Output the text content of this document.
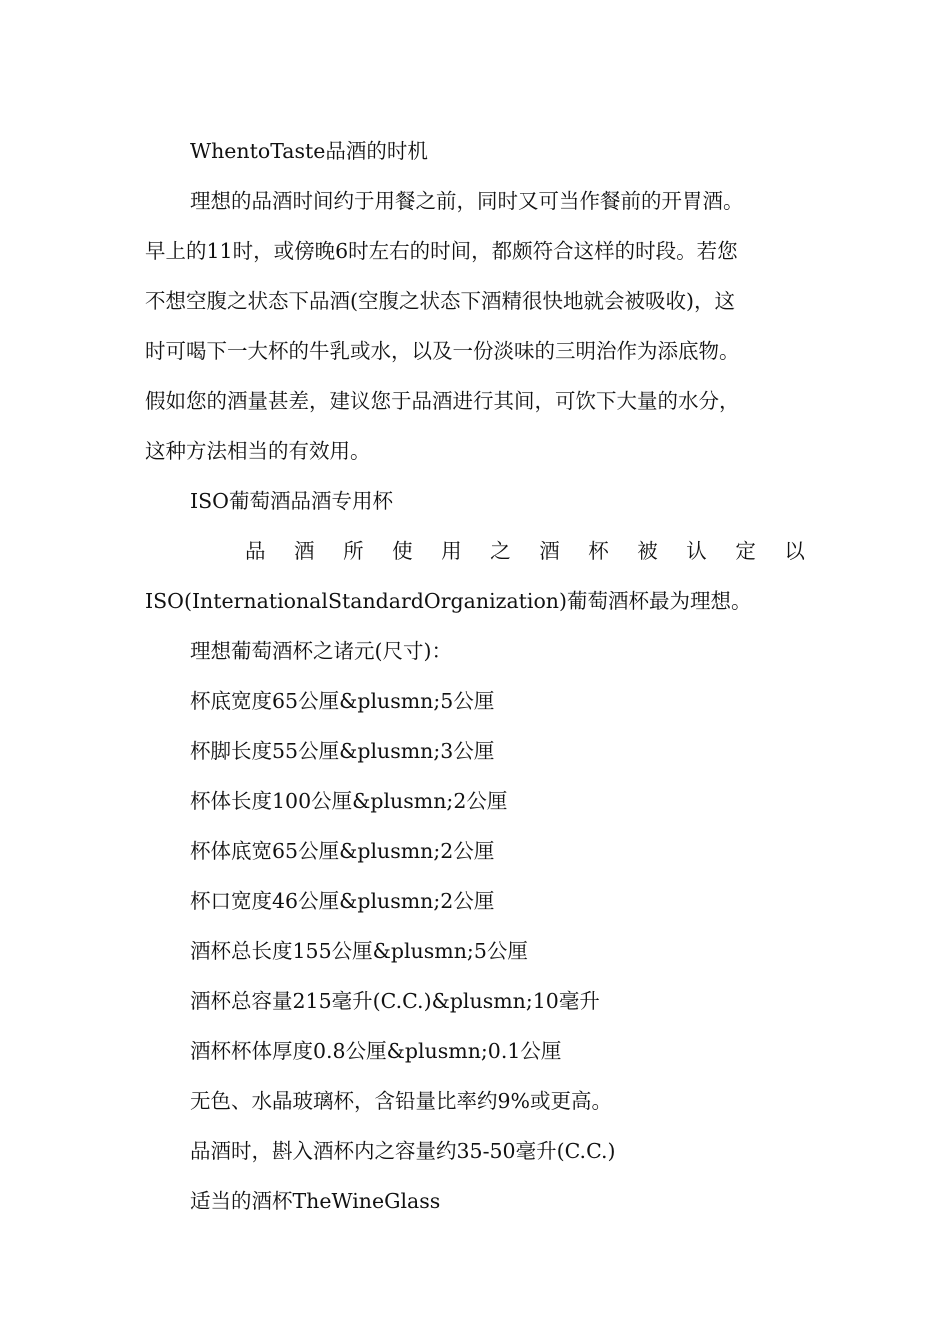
WhentoTaste品酒的时机
理想的品酒时间约于用餐之前，同时又可当作餐前的开胃酒。
早上的11时，或傍晚6时左右的时间，都颇符合这样的时段。若您
不想空腹之状态下品酒(空腹之状态下酒精很快地就会被吸收)，这
时可喝下一大杯的牛乳或水，以及一份淡味的三明治作为添底物。
假如您的酒量甚差，建议您于品酒进行其间，可饮下大量的水分，
这种方法相当的有效用。
ISO葡萄酒品酒专用杯
品 酒 所 使 用 之 酒 杯 被 认 定 以
ISO(InternationalStandardOrganization)葡萄酒杯最为理想。
理想葡萄酒杯之诸元(尺寸)：
杯底宽度65公厘&plusmn;5公厘
杯脚长度55公厘&plusmn;3公厘
杯体长度100公厘&plusmn;2公厘
杯体底宽65公厘&plusmn;2公厘
杯口宽度46公厘&plusmn;2公厘
酒杯总长度155公厘&plusmn;5公厘
酒杯总容量215毫升(C.C.)&plusmn;10毫升
酒杯杯体厚度0.8公厘&plusmn;0.1公厘
无色、水晶玻璃杯，含铅量比率约9%或更高。
品酒时，斟入酒杯内之容量约35-50毫升(C.C.)
适当的酒杯TheWineGlass
